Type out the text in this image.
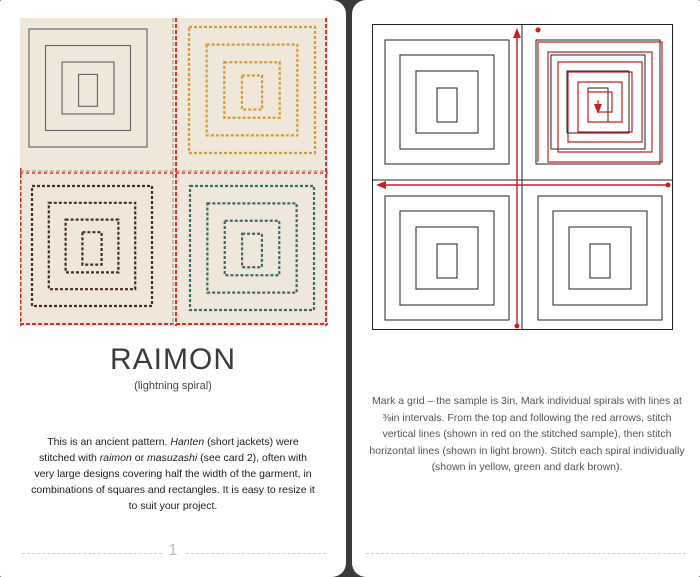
RAIMON
(lightning spiral)
This is an ancient pattern. Hanten (short jackets) were stitched with raimon or masuzashi (see card 2), often with very large designs covering half the width of the garment, in combinations of squares and rectangles. It is easy to resize it to suit your project.
1
Mark a grid – the sample is 3in. Mark individual spirals with lines at ⅜in intervals. From the top and following the red arrows, stitch vertical lines (shown in red on the stitched sample), then stitch horizontal lines (shown in light brown). Stitch each spiral individually (shown in yellow, green and dark brown).
